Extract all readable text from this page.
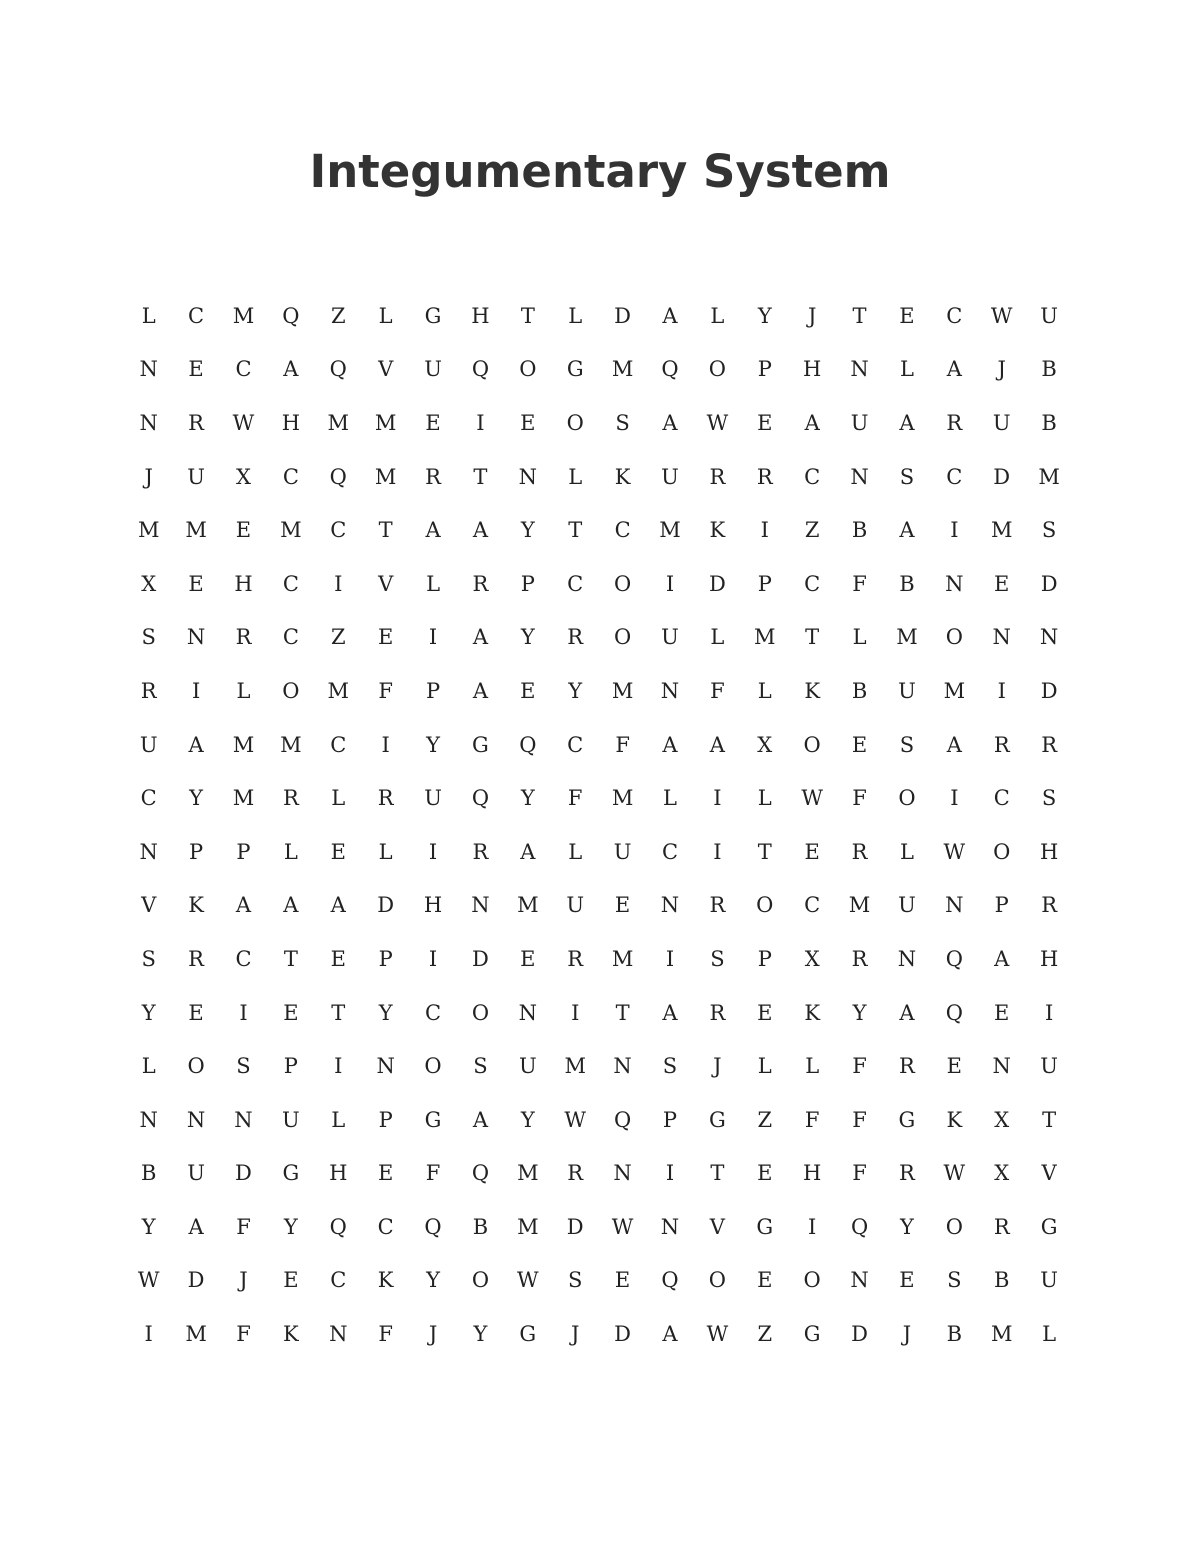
Integumentary System
L	C	M	Q	Z	L	G	H	T	L	D	A	L	Y	J	T	E	C	W	U
N	E	C	A	Q	V	U	Q	O	G	M	Q	O	P	H	N	L	A	J	B
N	R	W	H	M	M	E	I	E	O	S	A	W	E	A	U	A	R	U	B
J	U	X	C	Q	M	R	T	N	L	K	U	R	R	C	N	S	C	D	M
M	M	E	M	C	T	A	A	Y	T	C	M	K	I	Z	B	A	I	M	S
X	E	H	C	I	V	L	R	P	C	O	I	D	P	C	F	B	N	E	D
S	N	R	C	Z	E	I	A	Y	R	O	U	L	M	T	L	M	O	N	N
R	I	L	O	M	F	P	A	E	Y	M	N	F	L	K	B	U	M	I	D
U	A	M	M	C	I	Y	G	Q	C	F	A	A	X	O	E	S	A	R	R
C	Y	M	R	L	R	U	Q	Y	F	M	L	I	L	W	F	O	I	C	S
N	P	P	L	E	L	I	R	A	L	U	C	I	T	E	R	L	W	O	H
V	K	A	A	A	D	H	N	M	U	E	N	R	O	C	M	U	N	P	R
S	R	C	T	E	P	I	D	E	R	M	I	S	P	X	R	N	Q	A	H
Y	E	I	E	T	Y	C	O	N	I	T	A	R	E	K	Y	A	Q	E	I
L	O	S	P	I	N	O	S	U	M	N	S	J	L	L	F	R	E	N	U
N	N	N	U	L	P	G	A	Y	W	Q	P	G	Z	F	F	G	K	X	T
B	U	D	G	H	E	F	Q	M	R	N	I	T	E	H	F	R	W	X	V
Y	A	F	Y	Q	C	Q	B	M	D	W	N	V	G	I	Q	Y	O	R	G
W	D	J	E	C	K	Y	O	W	S	E	Q	O	E	O	N	E	S	B	U
I	M	F	K	N	F	J	Y	G	J	D	A	W	Z	G	D	J	B	M	L
